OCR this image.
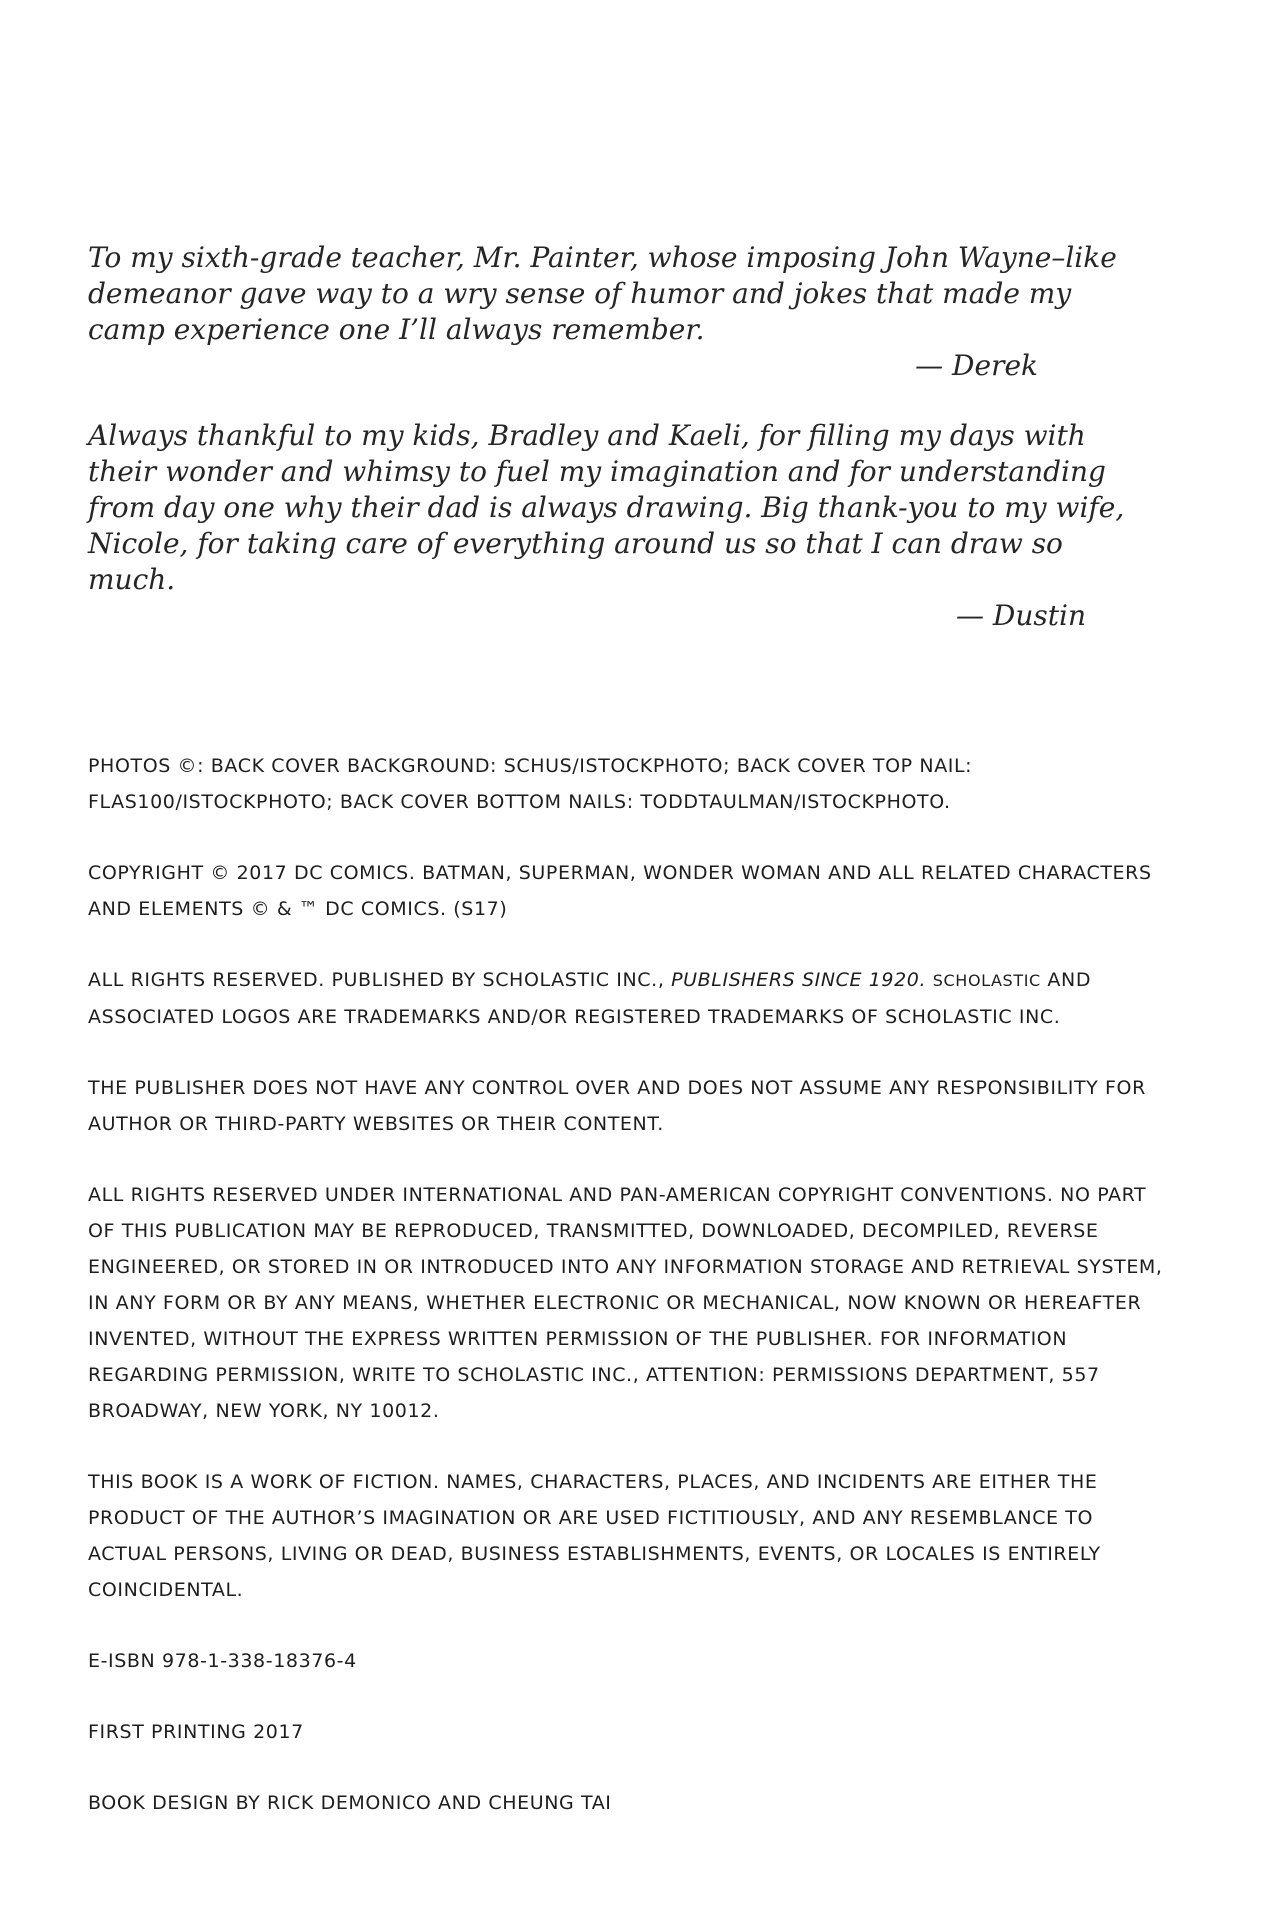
To my sixth-grade teacher, Mr. Painter, whose imposing John Wayne–like demeanor gave way to a wry sense of humor and jokes that made my camp experience one I’ll always remember.

— Derek

Always thankful to my kids, Bradley and Kaeli, for filling my days with their wonder and whimsy to fuel my imagination and for understanding from day one why their dad is always drawing. Big thank-you to my wife, Nicole, for taking care of everything around us so that I can draw so much.

— Dustin

PHOTOS ©: BACK COVER BACKGROUND: SCHUS/ISTOCKPHOTO; BACK COVER TOP NAIL: FLAS100/ISTOCKPHOTO; BACK COVER BOTTOM NAILS: TODDTAULMAN/ISTOCKPHOTO.

COPYRIGHT © 2017 DC COMICS. BATMAN, SUPERMAN, WONDER WOMAN AND ALL RELATED CHARACTERS AND ELEMENTS © & ™ DC COMICS. (S17)

ALL RIGHTS RESERVED. PUBLISHED BY SCHOLASTIC INC., PUBLISHERS SINCE 1920. SCHOLASTIC AND ASSOCIATED LOGOS ARE TRADEMARKS AND/OR REGISTERED TRADEMARKS OF SCHOLASTIC INC.

THE PUBLISHER DOES NOT HAVE ANY CONTROL OVER AND DOES NOT ASSUME ANY RESPONSIBILITY FOR AUTHOR OR THIRD-PARTY WEBSITES OR THEIR CONTENT.

ALL RIGHTS RESERVED UNDER INTERNATIONAL AND PAN-AMERICAN COPYRIGHT CONVENTIONS. NO PART OF THIS PUBLICATION MAY BE REPRODUCED, TRANSMITTED, DOWNLOADED, DECOMPILED, REVERSE ENGINEERED, OR STORED IN OR INTRODUCED INTO ANY INFORMATION STORAGE AND RETRIEVAL SYSTEM, IN ANY FORM OR BY ANY MEANS, WHETHER ELECTRONIC OR MECHANICAL, NOW KNOWN OR HEREAFTER INVENTED, WITHOUT THE EXPRESS WRITTEN PERMISSION OF THE PUBLISHER. FOR INFORMATION REGARDING PERMISSION, WRITE TO SCHOLASTIC INC., ATTENTION: PERMISSIONS DEPARTMENT, 557 BROADWAY, NEW YORK, NY 10012.

THIS BOOK IS A WORK OF FICTION. NAMES, CHARACTERS, PLACES, AND INCIDENTS ARE EITHER THE PRODUCT OF THE AUTHOR’S IMAGINATION OR ARE USED FICTITIOUSLY, AND ANY RESEMBLANCE TO ACTUAL PERSONS, LIVING OR DEAD, BUSINESS ESTABLISHMENTS, EVENTS, OR LOCALES IS ENTIRELY COINCIDENTAL.

E-ISBN 978-1-338-18376-4

FIRST PRINTING 2017

BOOK DESIGN BY RICK DEMONICO AND CHEUNG TAI
